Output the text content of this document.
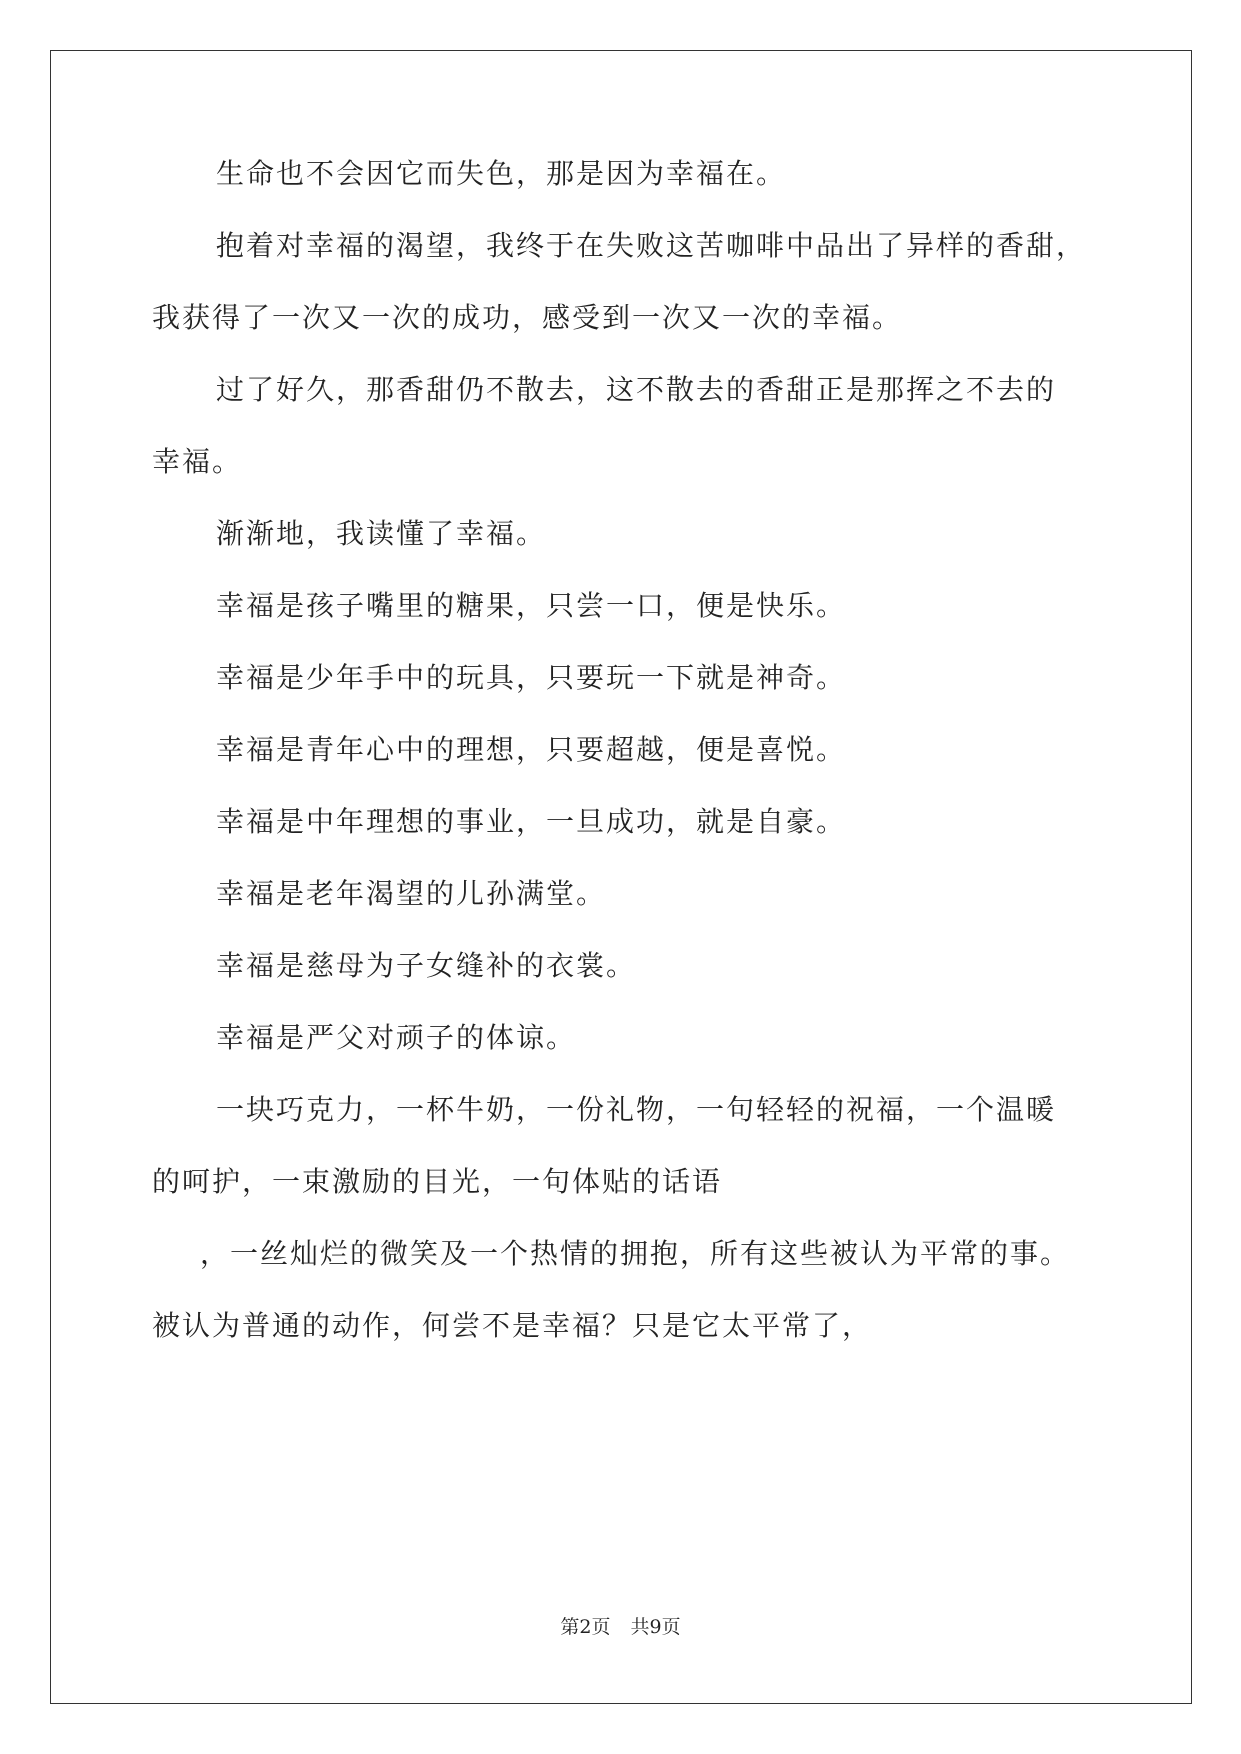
生命也不会因它而失色，那是因为幸福在。
抱着对幸福的渴望，我终于在失败这苦咖啡中品出了异样的香甜，
我获得了一次又一次的成功，感受到一次又一次的幸福。
过了好久，那香甜仍不散去，这不散去的香甜正是那挥之不去的
幸福。
渐渐地，我读懂了幸福。
幸福是孩子嘴里的糖果，只尝一口，便是快乐。
幸福是少年手中的玩具，只要玩一下就是神奇。
幸福是青年心中的理想，只要超越，便是喜悦。
幸福是中年理想的事业，一旦成功，就是自豪。
幸福是老年渴望的儿孙满堂。
幸福是慈母为子女缝补的衣裳。
幸福是严父对顽子的体谅。
一块巧克力，一杯牛奶，一份礼物，一句轻轻的祝福，一个温暖
的呵护，一束激励的目光，一句体贴的话语
，一丝灿烂的微笑及一个热情的拥抱，所有这些被认为平常的事。
被认为普通的动作，何尝不是幸福？只是它太平常了，
第2页 共9页
